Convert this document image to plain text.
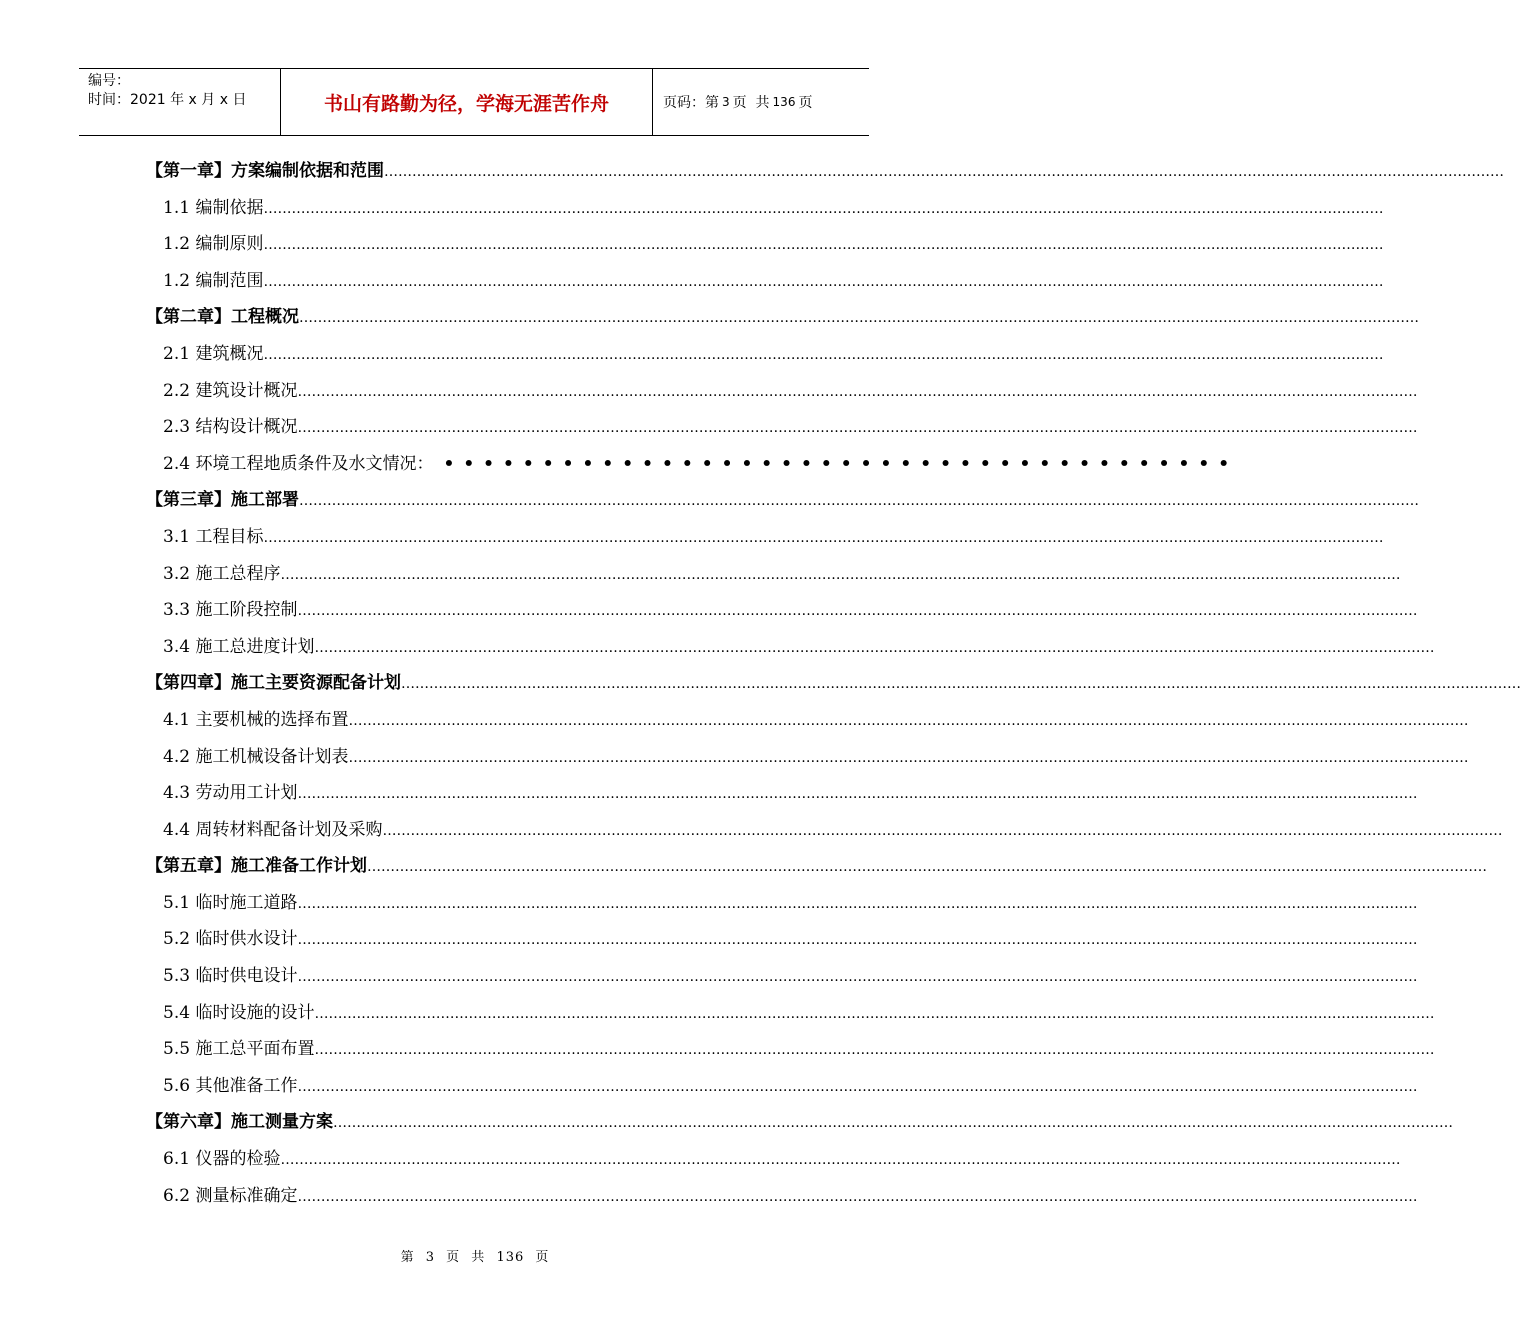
编号：
时间：2021 年 x 月 x 日	书山有路勤为径，学海无涯苦作舟	页码：第 3 页  共 136 页
【第一章】方案编制依据和范围 ……………………………………………………………………………………………………………………………………………………………………………………………………………………
1.1 编制依据 ……………………………………………………………………………………………………………………………………………………………………………………………………………………
1.2 编制原则 ……………………………………………………………………………………………………………………………………………………………………………………………………………………
1.2 编制范围 ……………………………………………………………………………………………………………………………………………………………………………………………………………………
【第二章】工程概况 ……………………………………………………………………………………………………………………………………………………………………………………………………………………
2.1 建筑概况 ……………………………………………………………………………………………………………………………………………………………………………………………………………………
2.2 建筑设计概况 ……………………………………………………………………………………………………………………………………………………………………………………………………………………
2.3 结构设计概况 ……………………………………………………………………………………………………………………………………………………………………………………………………………………
2.4 环境工程地质条件及水文情况： ••••••••••••••••••••••••••••••••••••••••
【第三章】施工部署 ……………………………………………………………………………………………………………………………………………………………………………………………………………………
3.1 工程目标 ……………………………………………………………………………………………………………………………………………………………………………………………………………………
3.2 施工总程序 ……………………………………………………………………………………………………………………………………………………………………………………………………………………
3.3 施工阶段控制 ……………………………………………………………………………………………………………………………………………………………………………………………………………………
3.4 施工总进度计划 ……………………………………………………………………………………………………………………………………………………………………………………………………………………
【第四章】施工主要资源配备计划 ……………………………………………………………………………………………………………………………………………………………………………………………………………………
4.1 主要机械的选择布置 ……………………………………………………………………………………………………………………………………………………………………………………………………………………
4.2 施工机械设备计划表 ……………………………………………………………………………………………………………………………………………………………………………………………………………………
4.3 劳动用工计划 ……………………………………………………………………………………………………………………………………………………………………………………………………………………
4.4 周转材料配备计划及采购 ……………………………………………………………………………………………………………………………………………………………………………………………………………………
【第五章】施工准备工作计划 ……………………………………………………………………………………………………………………………………………………………………………………………………………………
5.1 临时施工道路 ……………………………………………………………………………………………………………………………………………………………………………………………………………………
5.2 临时供水设计 ……………………………………………………………………………………………………………………………………………………………………………………………………………………
5.3 临时供电设计 ……………………………………………………………………………………………………………………………………………………………………………………………………………………
5.4 临时设施的设计 ……………………………………………………………………………………………………………………………………………………………………………………………………………………
5.5 施工总平面布置 ……………………………………………………………………………………………………………………………………………………………………………………………………………………
5.6 其他准备工作 ……………………………………………………………………………………………………………………………………………………………………………………………………………………
【第六章】施工测量方案 ……………………………………………………………………………………………………………………………………………………………………………………………………………………
6.1 仪器的检验 ……………………………………………………………………………………………………………………………………………………………………………………………………………………
6.2 测量标准确定 ……………………………………………………………………………………………………………………………………………………………………………………………………………………
第 3 页 共 136 页
